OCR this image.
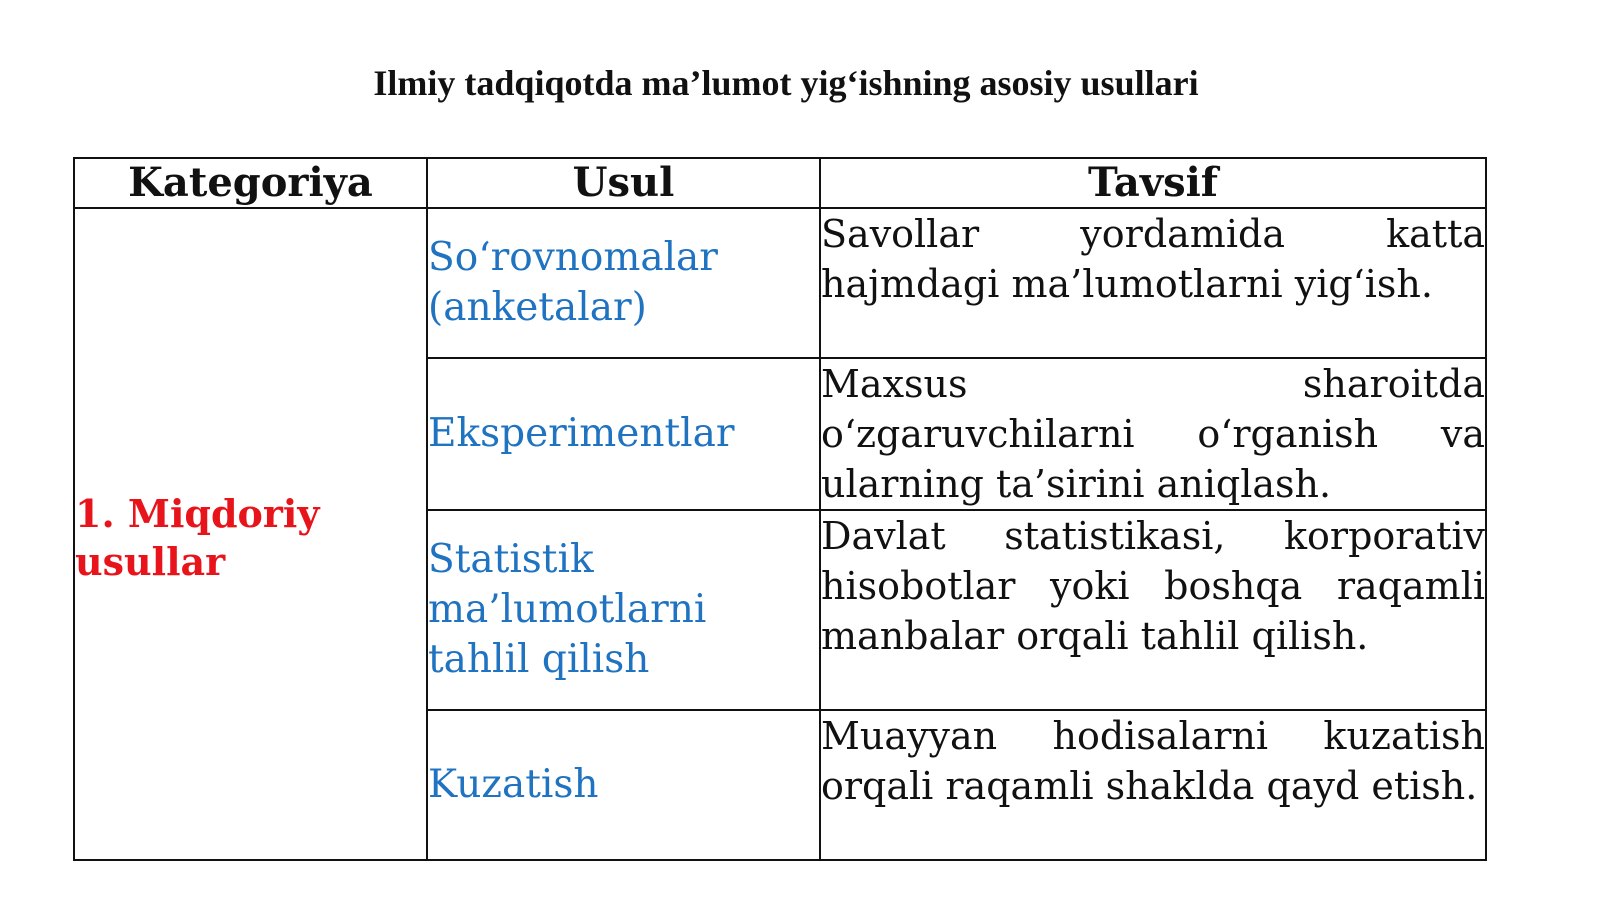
Ilmiy tadqiqotda ma’lumot yig‘ishning asosiy usullari
Kategoriya	Usul	Tavsif

1. Miqdoriy
usullar	So‘rovnomalar (anketalar)	Savollar yordamida katta hajmdagi ma’lumotlarni yig‘ish.

	Eksperimentlar	Maxsus sharoitda o‘zgaruvchilarni o‘rganish va ularning ta’sirini aniqlash.

	Statistik ma’lumotlarni tahlil qilish	Davlat statistikasi, korporativ hisobotlar yoki boshqa raqamli manbalar orqali tahlil qilish.

	Kuzatish	Muayyan hodisalarni kuzatish orqali raqamli shaklda qayd etish.
